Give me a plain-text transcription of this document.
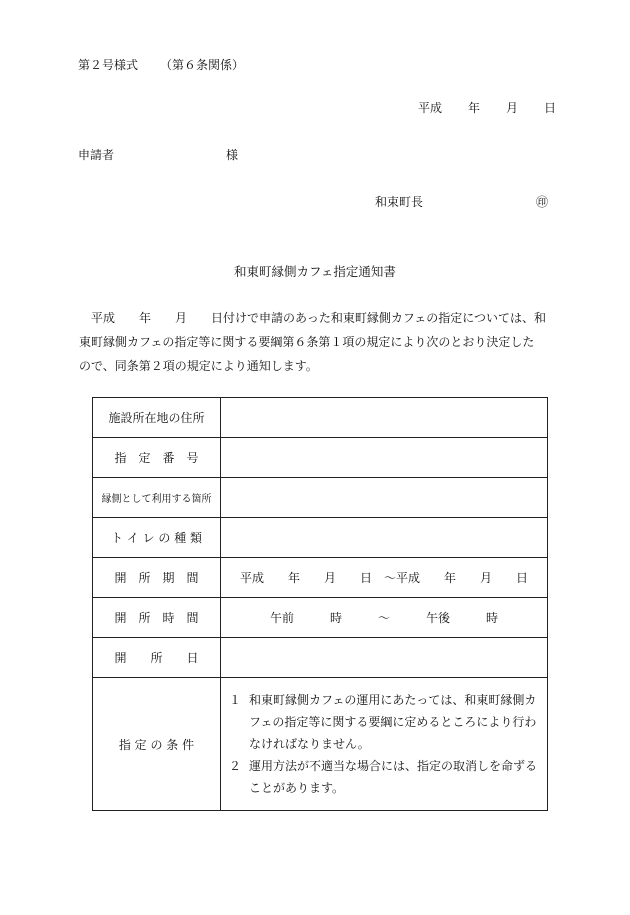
第２号様式 （第６条関係）
平成 年 月 日
申請者	様
和束町長	㊞
和東町縁側カフェ指定通知書
平成　　年　　月　　日付けで申請のあった和東町縁側カフェの指定については、和
東町縁側カフェの指定等に関する要綱第６条第１項の規定により次のとおり決定した
ので、同条第２項の規定により通知します。
施設所在地の住所	
指　定　番　号	
縁側として利用する箇所	
ト イ レ の 種 類	
開　所　期　間	平成　　年　　月　　日　～平成　　年　　月　　日
開　所　時　間	午前　　　時　　　～　　　午後　　　時
開　　所　　日	
指 定 の 条 件	１ 和東町縁側カフェの運用にあたっては、和東町縁側カフェの指定等に関する要綱に定めるところにより行わなければなりません。
２ 運用方法が不適当な場合には、指定の取消しを命ずることがあります。
